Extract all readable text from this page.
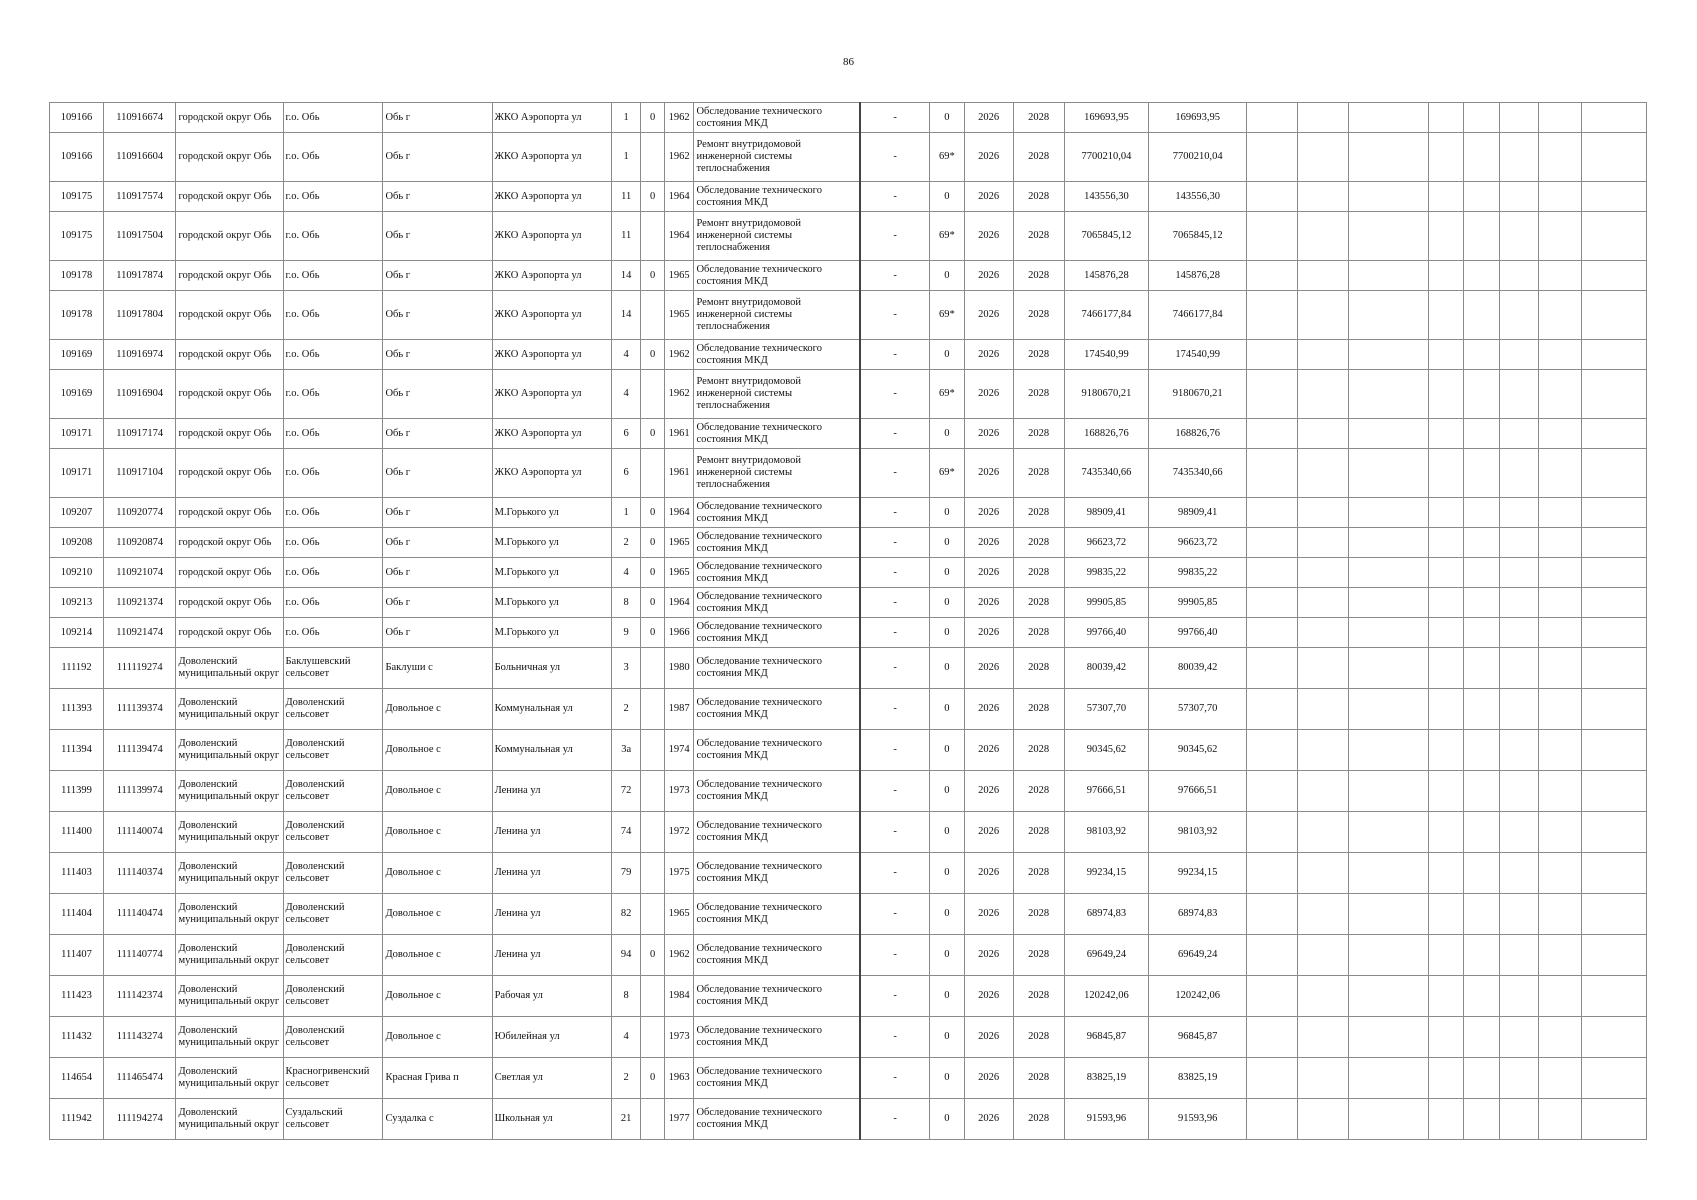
86
109166	110916674	городской округ Обь	г.о. Обь	Обь г	ЖКО Аэропорта ул	1	0	1962	Обследование технического состояния МКД	-	0	2026	2028	169693,95	169693,95								
109166	110916604	городской округ Обь	г.о. Обь	Обь г	ЖКО Аэропорта ул	1		1962	Ремонт внутридомовой инженерной системы теплоснабжения	-	69*	2026	2028	7700210,04	7700210,04								
109175	110917574	городской округ Обь	г.о. Обь	Обь г	ЖКО Аэропорта ул	11	0	1964	Обследование технического состояния МКД	-	0	2026	2028	143556,30	143556,30								
109175	110917504	городской округ Обь	г.о. Обь	Обь г	ЖКО Аэропорта ул	11		1964	Ремонт внутридомовой инженерной системы теплоснабжения	-	69*	2026	2028	7065845,12	7065845,12								
109178	110917874	городской округ Обь	г.о. Обь	Обь г	ЖКО Аэропорта ул	14	0	1965	Обследование технического состояния МКД	-	0	2026	2028	145876,28	145876,28								
109178	110917804	городской округ Обь	г.о. Обь	Обь г	ЖКО Аэропорта ул	14		1965	Ремонт внутридомовой инженерной системы теплоснабжения	-	69*	2026	2028	7466177,84	7466177,84								
109169	110916974	городской округ Обь	г.о. Обь	Обь г	ЖКО Аэропорта ул	4	0	1962	Обследование технического состояния МКД	-	0	2026	2028	174540,99	174540,99								
109169	110916904	городской округ Обь	г.о. Обь	Обь г	ЖКО Аэропорта ул	4		1962	Ремонт внутридомовой инженерной системы теплоснабжения	-	69*	2026	2028	9180670,21	9180670,21								
109171	110917174	городской округ Обь	г.о. Обь	Обь г	ЖКО Аэропорта ул	6	0	1961	Обследование технического состояния МКД	-	0	2026	2028	168826,76	168826,76								
109171	110917104	городской округ Обь	г.о. Обь	Обь г	ЖКО Аэропорта ул	6		1961	Ремонт внутридомовой инженерной системы теплоснабжения	-	69*	2026	2028	7435340,66	7435340,66								
109207	110920774	городской округ Обь	г.о. Обь	Обь г	М.Горького ул	1	0	1964	Обследование технического состояния МКД	-	0	2026	2028	98909,41	98909,41								
109208	110920874	городской округ Обь	г.о. Обь	Обь г	М.Горького ул	2	0	1965	Обследование технического состояния МКД	-	0	2026	2028	96623,72	96623,72								
109210	110921074	городской округ Обь	г.о. Обь	Обь г	М.Горького ул	4	0	1965	Обследование технического состояния МКД	-	0	2026	2028	99835,22	99835,22								
109213	110921374	городской округ Обь	г.о. Обь	Обь г	М.Горького ул	8	0	1964	Обследование технического состояния МКД	-	0	2026	2028	99905,85	99905,85								
109214	110921474	городской округ Обь	г.о. Обь	Обь г	М.Горького ул	9	0	1966	Обследование технического состояния МКД	-	0	2026	2028	99766,40	99766,40								
111192	111119274	Доволенский муниципальный округ	Баклушевский сельсовет	Баклуши с	Больничная ул	3		1980	Обследование технического состояния МКД	-	0	2026	2028	80039,42	80039,42								
111393	111139374	Доволенский муниципальный округ	Доволенский сельсовет	Довольное с	Коммунальная ул	2		1987	Обследование технического состояния МКД	-	0	2026	2028	57307,70	57307,70								
111394	111139474	Доволенский муниципальный округ	Доволенский сельсовет	Довольное с	Коммунальная ул	3а		1974	Обследование технического состояния МКД	-	0	2026	2028	90345,62	90345,62								
111399	111139974	Доволенский муниципальный округ	Доволенский сельсовет	Довольное с	Ленина ул	72		1973	Обследование технического состояния МКД	-	0	2026	2028	97666,51	97666,51								
111400	111140074	Доволенский муниципальный округ	Доволенский сельсовет	Довольное с	Ленина ул	74		1972	Обследование технического состояния МКД	-	0	2026	2028	98103,92	98103,92								
111403	111140374	Доволенский муниципальный округ	Доволенский сельсовет	Довольное с	Ленина ул	79		1975	Обследование технического состояния МКД	-	0	2026	2028	99234,15	99234,15								
111404	111140474	Доволенский муниципальный округ	Доволенский сельсовет	Довольное с	Ленина ул	82		1965	Обследование технического состояния МКД	-	0	2026	2028	68974,83	68974,83								
111407	111140774	Доволенский муниципальный округ	Доволенский сельсовет	Довольное с	Ленина ул	94	0	1962	Обследование технического состояния МКД	-	0	2026	2028	69649,24	69649,24								
111423	111142374	Доволенский муниципальный округ	Доволенский сельсовет	Довольное с	Рабочая ул	8		1984	Обследование технического состояния МКД	-	0	2026	2028	120242,06	120242,06								
111432	111143274	Доволенский муниципальный округ	Доволенский сельсовет	Довольное с	Юбилейная ул	4		1973	Обследование технического состояния МКД	-	0	2026	2028	96845,87	96845,87								
114654	111465474	Доволенский муниципальный округ	Красногривенский сельсовет	Красная Грива п	Светлая ул	2	0	1963	Обследование технического состояния МКД	-	0	2026	2028	83825,19	83825,19								
111942	111194274	Доволенский муниципальный округ	Суздальский сельсовет	Суздалка с	Школьная ул	21		1977	Обследование технического состояния МКД	-	0	2026	2028	91593,96	91593,96								
